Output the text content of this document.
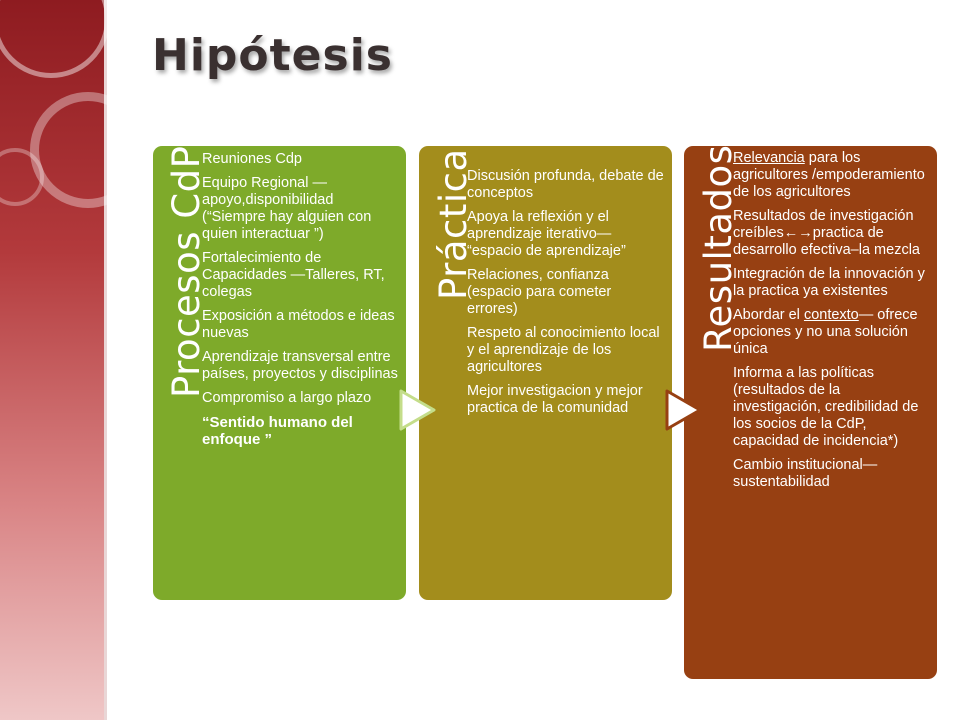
Hipótesis
Procesos CdP
Reuniones Cdp
Equipo Regional — apoyo,disponibilidad (“Siempre hay alguien con quien interactuar ”)
Fortalecimiento de Capacidades —Talleres, RT, colegas
Exposición a métodos e ideas nuevas
Aprendizaje transversal entre países, proyectos y disciplinas
Compromiso a largo plazo
“Sentido humano del enfoque ”
Práctica
Discusión profunda, debate de conceptos
Apoya la reflexión y el aprendizaje iterativo— “espacio de aprendizaje”
Relaciones, confianza (espacio para cometer errores)
Respeto al conocimiento local y el aprendizaje de los agricultores
Mejor investigacion y mejor practica de la comunidad
Resultados
Relevancia para los agricultores /empoderamiento de los agricultores
Resultados de investigación creíbles←→practica de desarrollo efectiva–la mezcla
Integración de la innovación y la practica ya existentes
Abordar el contexto— ofrece opciones y no una solución única
Informa a las políticas (resultados de la investigación, credibilidad de los socios de la CdP, capacidad de incidencia*)
Cambio institucional— sustentabilidad
